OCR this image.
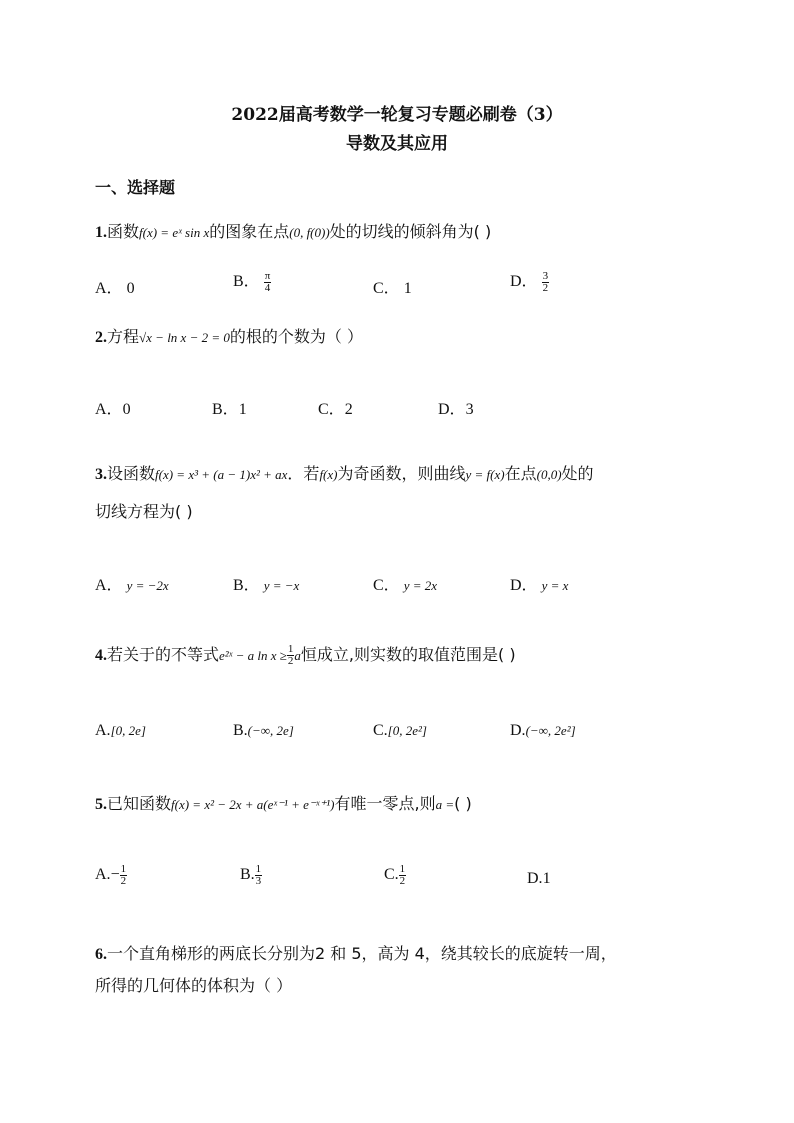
2022届高考数学一轮复习专题必刷卷（3）
导数及其应用
一、选择题
1.函数f(x) = eˣ sin x的图象在点(0, f(0))处的切线的倾斜角为( )
A． 0	B． $\frac{\pi}{4}$	C． 1	D． $\frac{3}{2}$
2.方程√x − ln x − 2 = 0的根的个数为（ ）
A．0	B．1	C．2	D．3
3.设函数f(x) = x³ + (a − 1)x² + ax．若f(x)为奇函数，则曲线y = f(x)在点(0,0)处的
切线方程为( )
A． y = −2x	B． y = −x	C． y = 2x	D． y = x
4.若关于的不等式e²ˣ − a $\ln x \ge \frac{1}{2}$ a恒成立,则实数的取值范围是( )
A.[0, 2e]	B.(−∞, 2e]	C.[0, 2e²]	D.(−∞, 2e²]
5.已知函数f(x) = x² − 2x + a(eˣ⁻¹ + e⁻ˣ⁺¹)有唯一零点,则a =( )
$A.- \frac{1}{2}$	B. $\frac{1}{3}$	C. $\frac{1}{2}$	D.1
6.一个直角梯形的两底长分别为2 和 5，高为 4，绕其较长的底旋转一周，
所得的几何体的体积为（ ）
